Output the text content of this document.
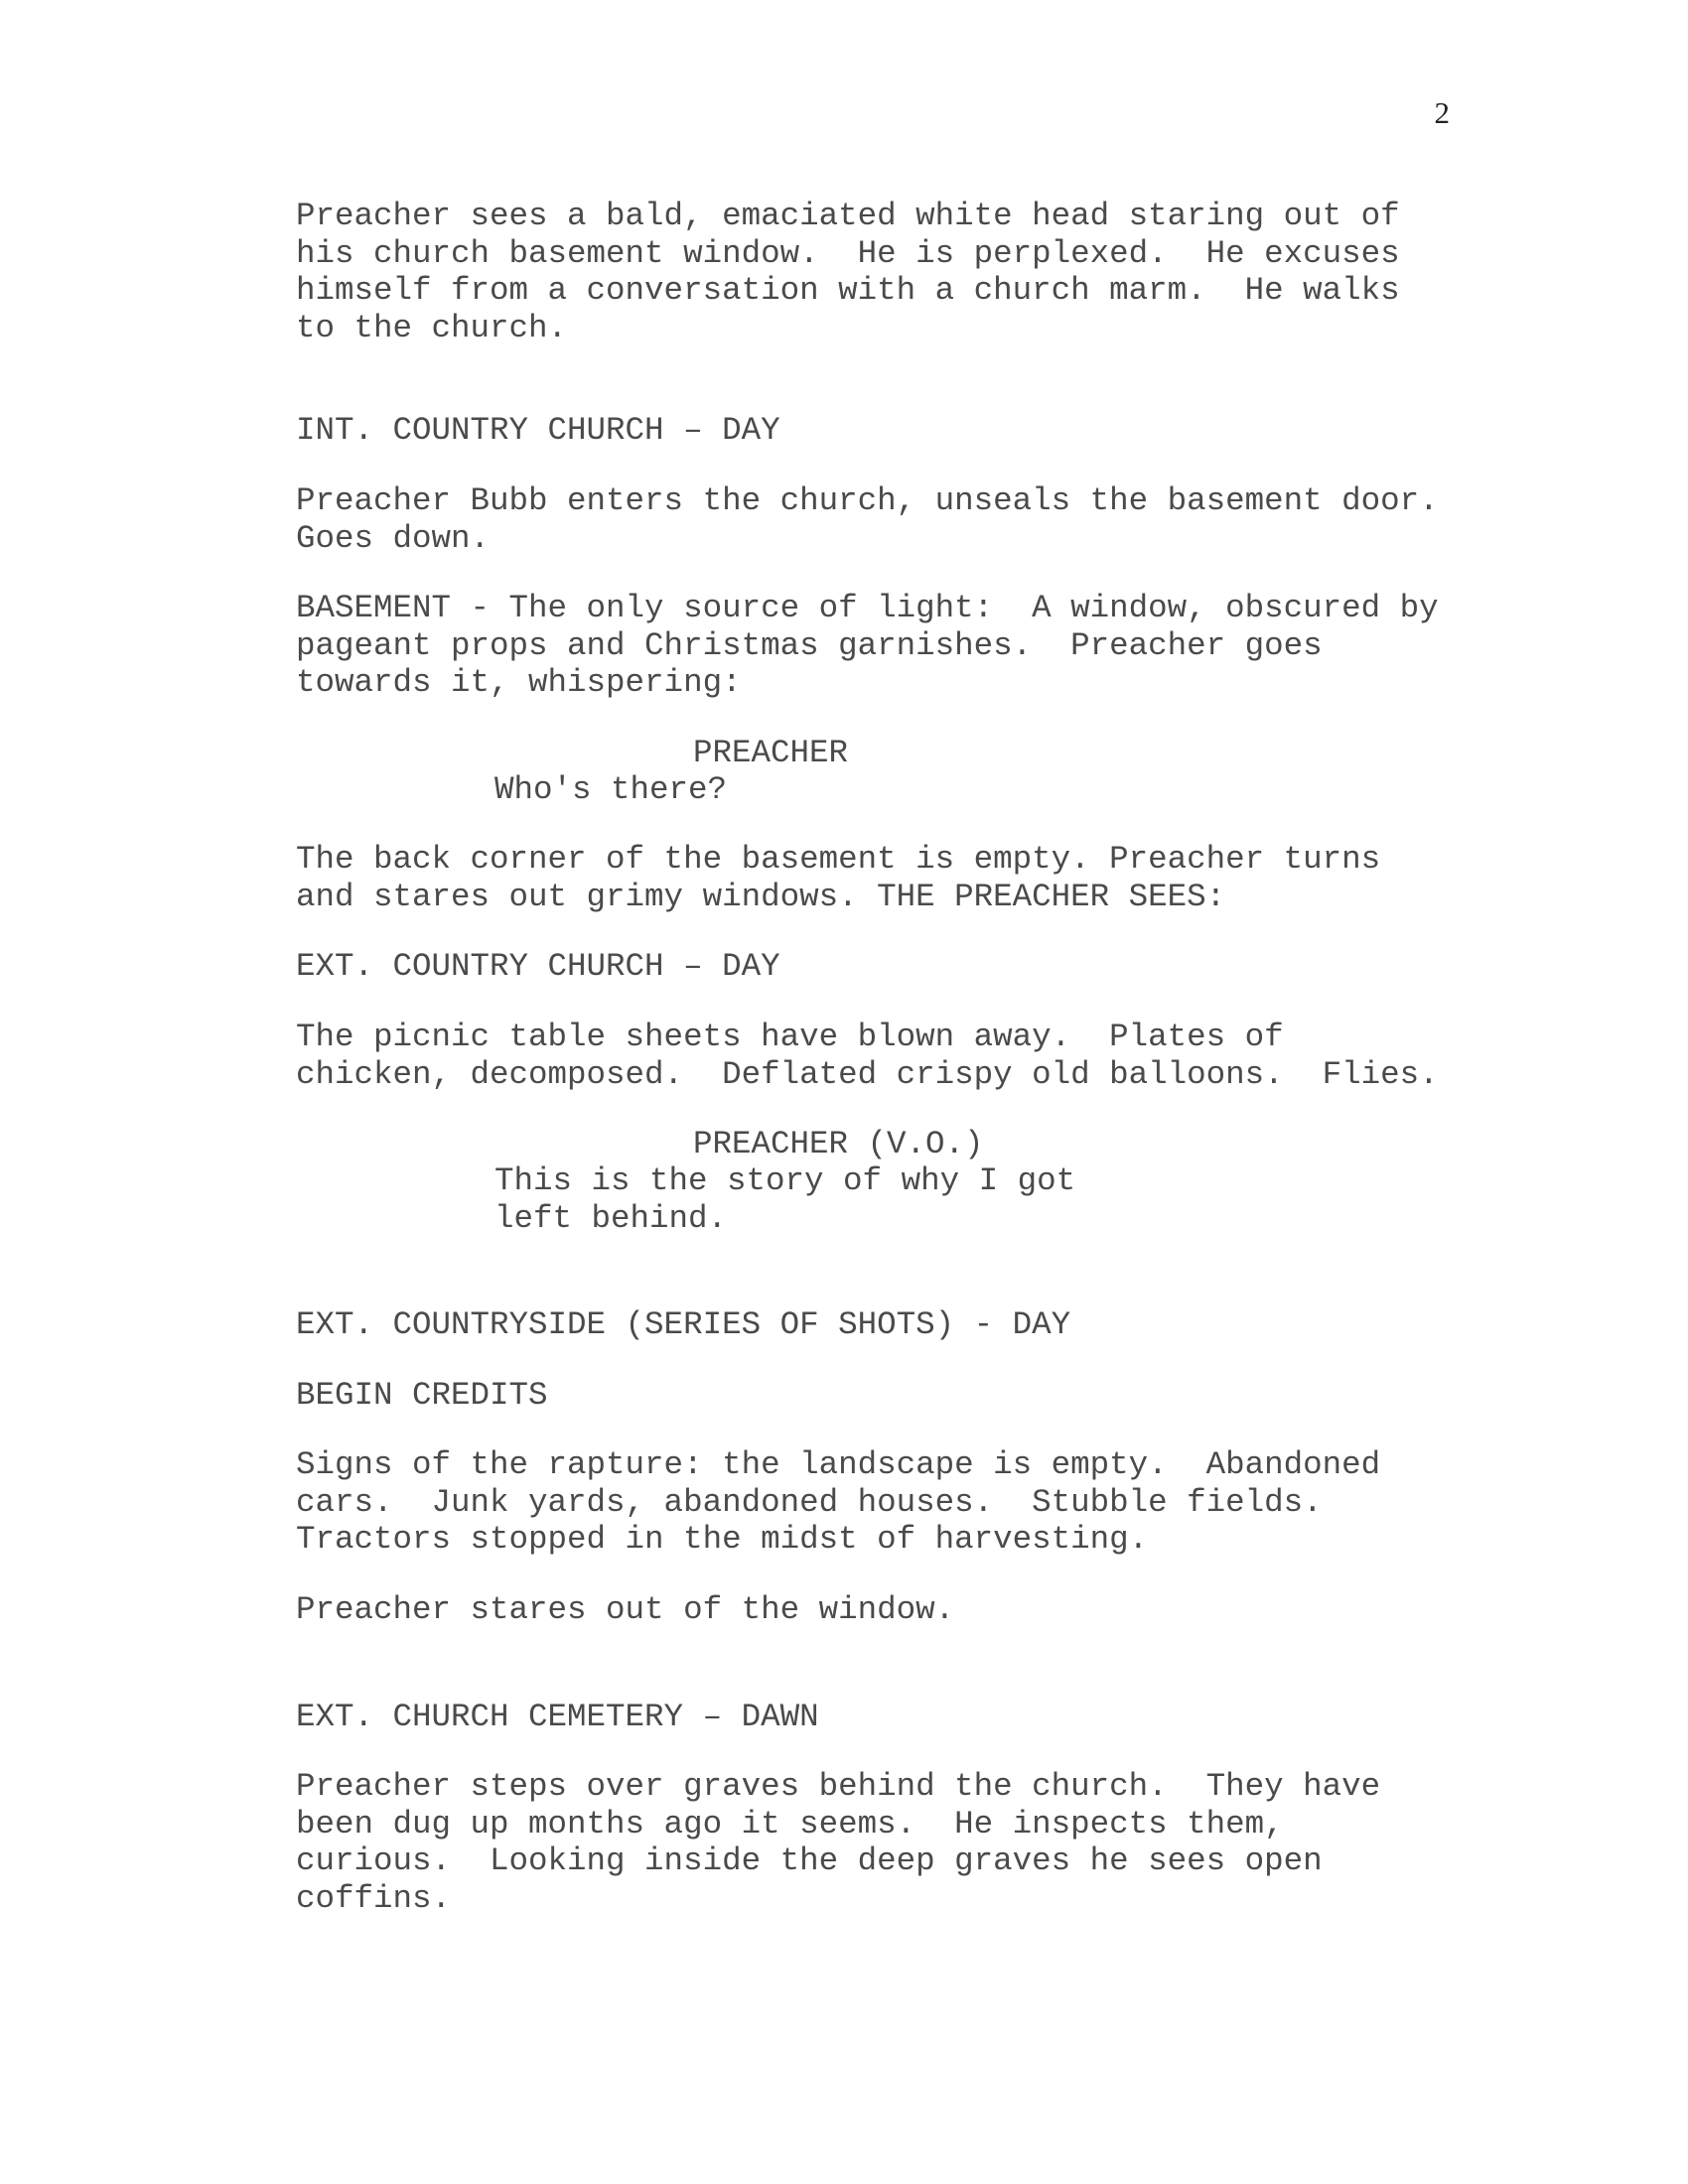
2

Preacher sees a bald, emaciated white head staring out of
his church basement window.  He is perplexed.  He excuses
himself from a conversation with a church marm.  He walks
to the church.

INT. COUNTRY CHURCH – DAY

Preacher Bubb enters the church, unseals the basement door.
Goes down.

BASEMENT - The only source of light:  A window, obscured by
pageant props and Christmas garnishes.  Preacher goes
towards it, whispering:

PREACHER

Who's there?

The back corner of the basement is empty. Preacher turns
and stares out grimy windows. THE PREACHER SEES:

EXT. COUNTRY CHURCH – DAY

The picnic table sheets have blown away.  Plates of
chicken, decomposed.  Deflated crispy old balloons.  Flies.

PREACHER (V.O.)

This is the story of why I got
left behind.

EXT. COUNTRYSIDE (SERIES OF SHOTS) - DAY

BEGIN CREDITS

Signs of the rapture: the landscape is empty.  Abandoned
cars.  Junk yards, abandoned houses.  Stubble fields.
Tractors stopped in the midst of harvesting.

Preacher stares out of the window.

EXT. CHURCH CEMETERY – DAWN

Preacher steps over graves behind the church.  They have
been dug up months ago it seems.  He inspects them,
curious.  Looking inside the deep graves he sees open
coffins.
